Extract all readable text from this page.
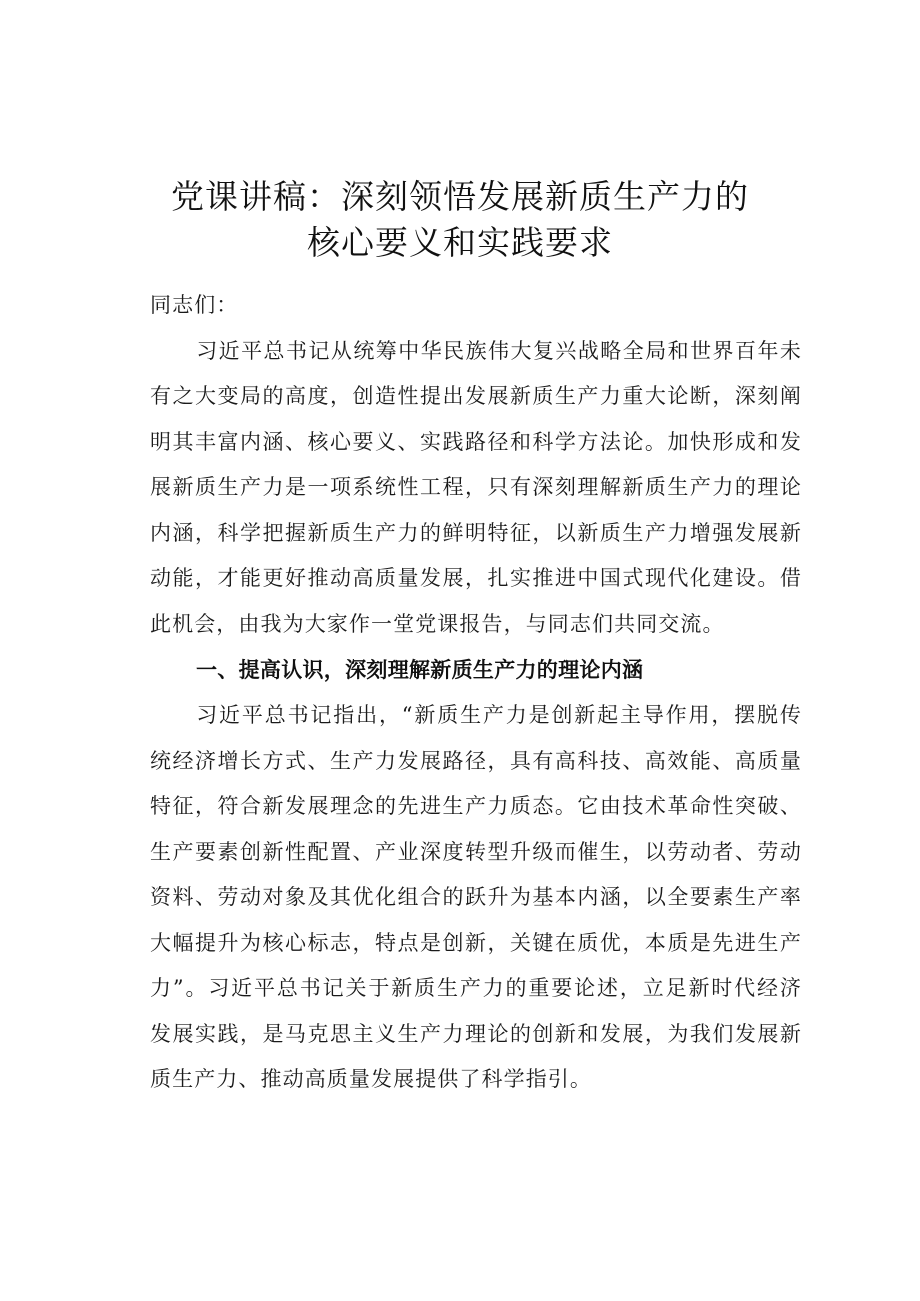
党课讲稿：深刻领悟发展新质生产力的
核心要义和实践要求

同志们：

习近平总书记从统筹中华民族伟大复兴战略全局和世界百年未有之大变局的高度，创造性提出发展新质生产力重大论断，深刻阐明其丰富内涵、核心要义、实践路径和科学方法论。加快形成和发展新质生产力是一项系统性工程，只有深刻理解新质生产力的理论内涵，科学把握新质生产力的鲜明特征，以新质生产力增强发展新动能，才能更好推动高质量发展，扎实推进中国式现代化建设。借此机会，由我为大家作一堂党课报告，与同志们共同交流。

一、提高认识，深刻理解新质生产力的理论内涵

习近平总书记指出，“新质生产力是创新起主导作用，摆脱传统经济增长方式、生产力发展路径，具有高科技、高效能、高质量特征，符合新发展理念的先进生产力质态。它由技术革命性突破、生产要素创新性配置、产业深度转型升级而催生，以劳动者、劳动资料、劳动对象及其优化组合的跃升为基本内涵，以全要素生产率大幅提升为核心标志，特点是创新，关键在质优，本质是先进生产力”。习近平总书记关于新质生产力的重要论述，立足新时代经济发展实践，是马克思主义生产力理论的创新和发展，为我们发展新质生产力、推动高质量发展提供了科学指引。
